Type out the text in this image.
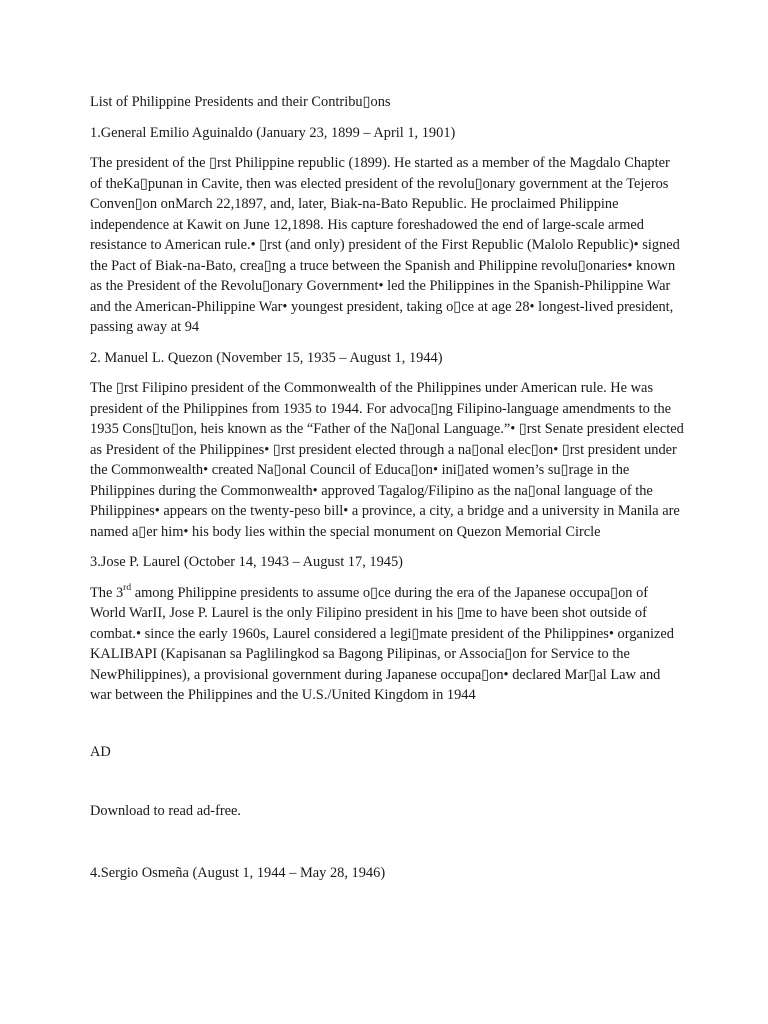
List of Philippine Presidents and their Contribu▯ons

1.General Emilio Aguinaldo (January 23, 1899 – April 1, 1901)

The president of the ▯rst Philippine republic (1899). He started as a member of the Magdalo Chapter of theKa▯punan in Cavite, then was elected president of the revolu▯onary government at the Tejeros Conven▯on onMarch 22,1897, and, later, Biak-na-Bato Republic. He proclaimed Philippine independence at Kawit on June 12,1898. His capture foreshadowed the end of large-scale armed resistance to American rule.• ▯rst (and only) president of the First Republic (Malolo Republic)• signed the Pact of Biak-na-Bato, crea▯ng a truce between the Spanish and Philippine revolu▯onaries• known as the President of the Revolu▯onary Government• led the Philippines in the Spanish-Philippine War and the American-Philippine War• youngest president, taking o▯ce at age 28• longest-lived president, passing away at 94

2. Manuel L. Quezon (November 15, 1935 – August 1, 1944)

The ▯rst Filipino president of the Commonwealth of the Philippines under American rule. He was president of the Philippines from 1935 to 1944. For advoca▯ng Filipino-language amendments to the 1935 Cons▯tu▯on, heis known as the “Father of the Na▯onal Language.”• ▯rst Senate president elected as President of the Philippines• ▯rst president elected through a na▯onal elec▯on• ▯rst president under the Commonwealth• created Na▯onal Council of Educa▯on• ini▯ated women’s su▯rage in the Philippines during the Commonwealth• approved Tagalog/Filipino as the na▯onal language of the Philippines• appears on the twenty-peso bill• a province, a city, a bridge and a university in Manila are named a▯er him• his body lies within the special monument on Quezon Memorial Circle

3.Jose P. Laurel (October 14, 1943 – August 17, 1945)

The 3rd among Philippine presidents to assume o▯ce during the era of the Japanese occupa▯on of World WarII, Jose P. Laurel is the only Filipino president in his ▯me to have been shot outside of combat.• since the early 1960s, Laurel considered a legi▯mate president of the Philippines• organized KALIBAPI (Kapisanan sa Paglilingkod sa Bagong Pilipinas, or Associa▯on for Service to the NewPhilippines), a provisional government during Japanese occupa▯on• declared Mar▯al Law and war between the Philippines and the U.S./United Kingdom in 1944

AD

Download to read ad-free.

4.Sergio Osmeña (August 1, 1944 – May 28, 1946)
